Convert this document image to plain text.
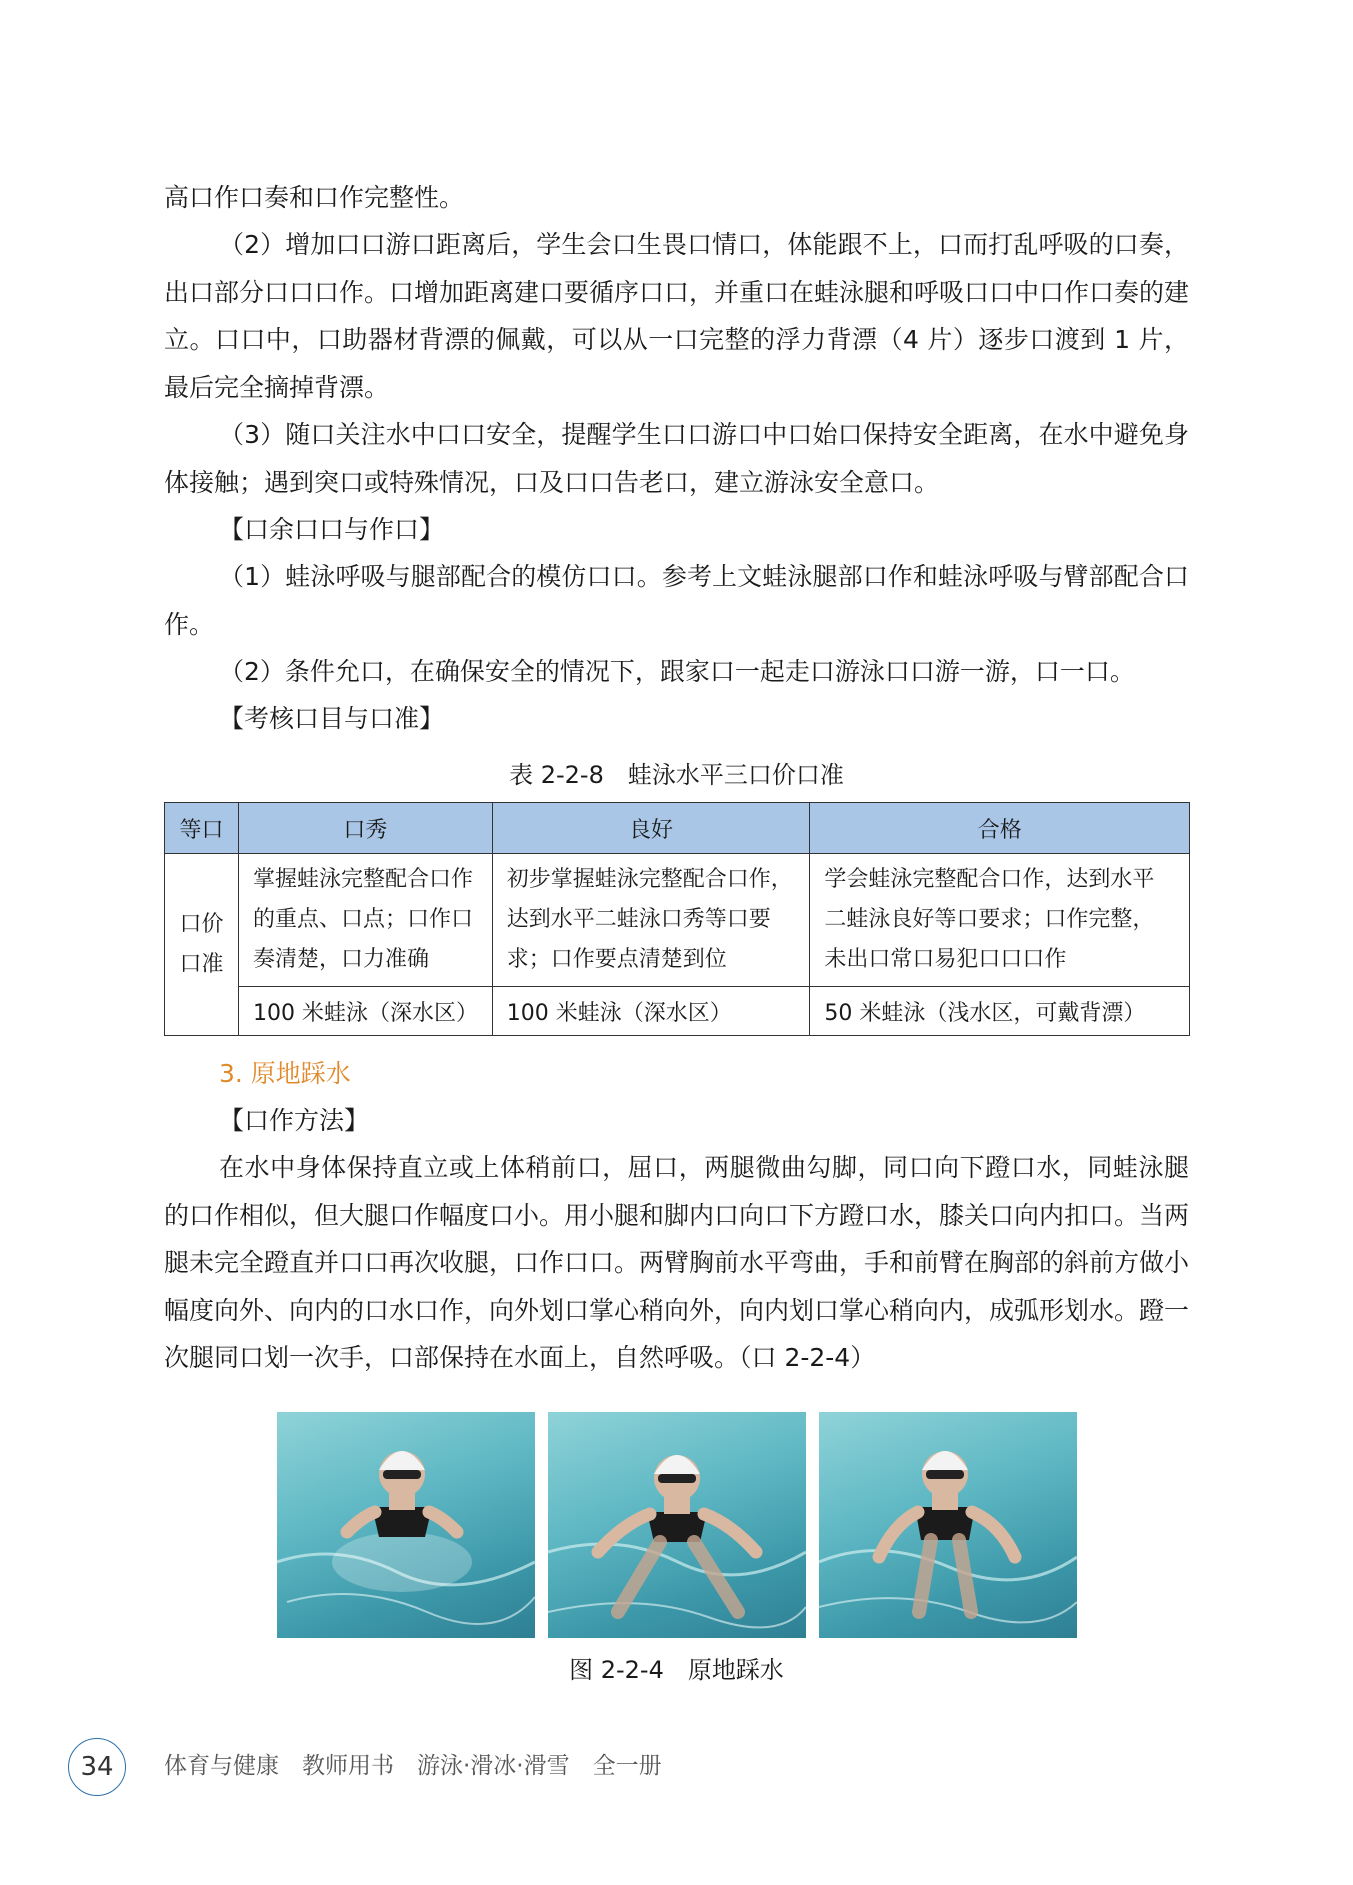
高口作口奏和口作完整性。

（2）增加口口游口距离后，学生会口生畏口情口，体能跟不上，口而打乱呼吸的口奏，出口部分口口口作。口增加距离建口要循序口口，并重口在蛙泳腿和呼吸口口中口作口奏的建立。口口中，口助器材背漂的佩戴，可以从一口完整的浮力背漂（4 片）逐步口渡到 1 片，最后完全摘掉背漂。

（3）随口关注水中口口安全，提醒学生口口游口中口始口保持安全距离，在水中避免身体接触；遇到突口或特殊情况，口及口口告老口，建立游泳安全意口。

【口余口口与作口】

（1）蛙泳呼吸与腿部配合的模仿口口。参考上文蛙泳腿部口作和蛙泳呼吸与臂部配合口作。

（2）条件允口，在确保安全的情况下，跟家口一起走口游泳口口游一游，口一口。

【考核口目与口准】

表 2-2-8　蛙泳水平三口价口准

等口	口秀	良好	合格
口价口准	掌握蛙泳完整配合口作的重点、口点；口作口奏清楚，口力准确	初步掌握蛙泳完整配合口作，达到水平二蛙泳口秀等口要求；口作要点清楚到位	学会蛙泳完整配合口作，达到水平二蛙泳良好等口要求；口作完整，未出口常口易犯口口口作
	100 米蛙泳（深水区）	100 米蛙泳（深水区）	50 米蛙泳（浅水区，可戴背漂）

3. 原地踩水

【口作方法】

在水中身体保持直立或上体稍前口，屈口，两腿微曲勾脚，同口向下蹬口水，同蛙泳腿的口作相似，但大腿口作幅度口小。用小腿和脚内口向口下方蹬口水，膝关口向内扣口。当两腿未完全蹬直并口口再次收腿，口作口口。两臂胸前水平弯曲，手和前臂在胸部的斜前方做小幅度向外、向内的口水口作，向外划口掌心稍向外，向内划口掌心稍向内，成弧形划水。蹬一次腿同口划一次手，口部保持在水面上，自然呼吸。（口 2-2-4）

图 2-2-4　原地踩水

34	体育与健康　教师用书　游泳·滑冰·滑雪　全一册
